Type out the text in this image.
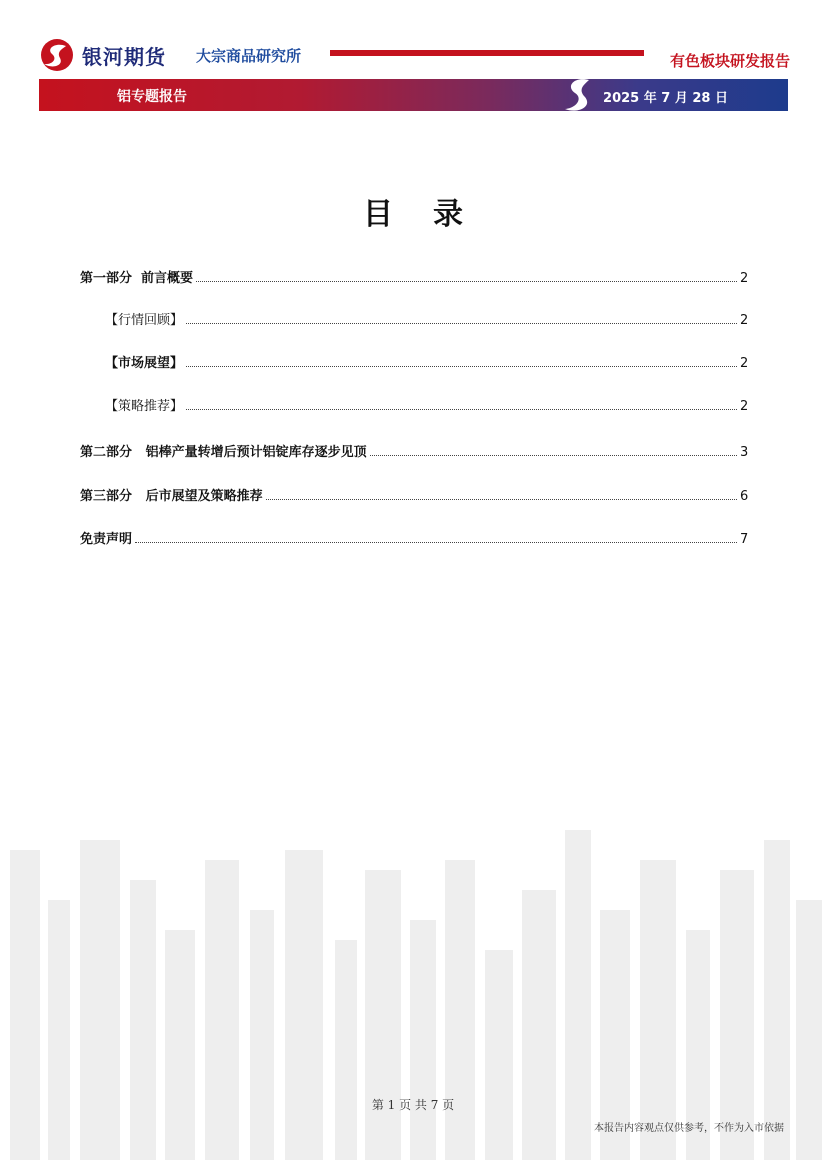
银河期货 大宗商品研究所	有色板块研发报告
铝专题报告	2025 年 7 月 28 日
目录
第一部分  前言概要	2
【行情回顾】	2
【市场展望】	2
【策略推荐】	2
第二部分   铝棒产量转增后预计铝锭库存逐步见顶	3
第三部分   后市展望及策略推荐	6
免责声明	7
第 1 页 共 7 页
本报告内容观点仅供参考，不作为入市依据
